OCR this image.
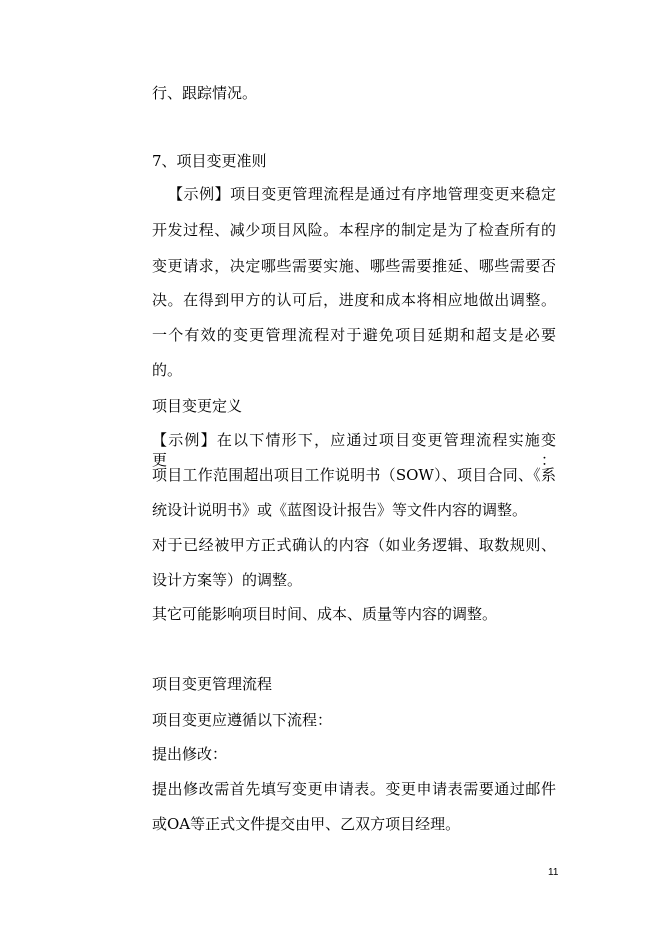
行、跟踪情况。

7、项目变更准则

【示例】项目变更管理流程是通过有序地管理变更来稳定

开发过程、减少项目风险。本程序的制定是为了检查所有的

变更请求，决定哪些需要实施、哪些需要推延、哪些需要否

决。在得到甲方的认可后，进度和成本将相应地做出调整。

一个有效的变更管理流程对于避免项目延期和超支是必要

的。

项目变更定义

【示例】在以下情形下，应通过项目变更管理流程实施变更：

项目工作范围超出项目工作说明书（SOW）、项目合同、《系

统设计说明书》或《蓝图设计报告》等文件内容的调整。

对于已经被甲方正式确认的内容（如业务逻辑、取数规则、

设计方案等）的调整。

其它可能影响项目时间、成本、质量等内容的调整。

项目变更管理流程

项目变更应遵循以下流程：

提出修改：

提出修改需首先填写变更申请表。变更申请表需要通过邮件

或OA等正式文件提交由甲、乙双方项目经理。

11
